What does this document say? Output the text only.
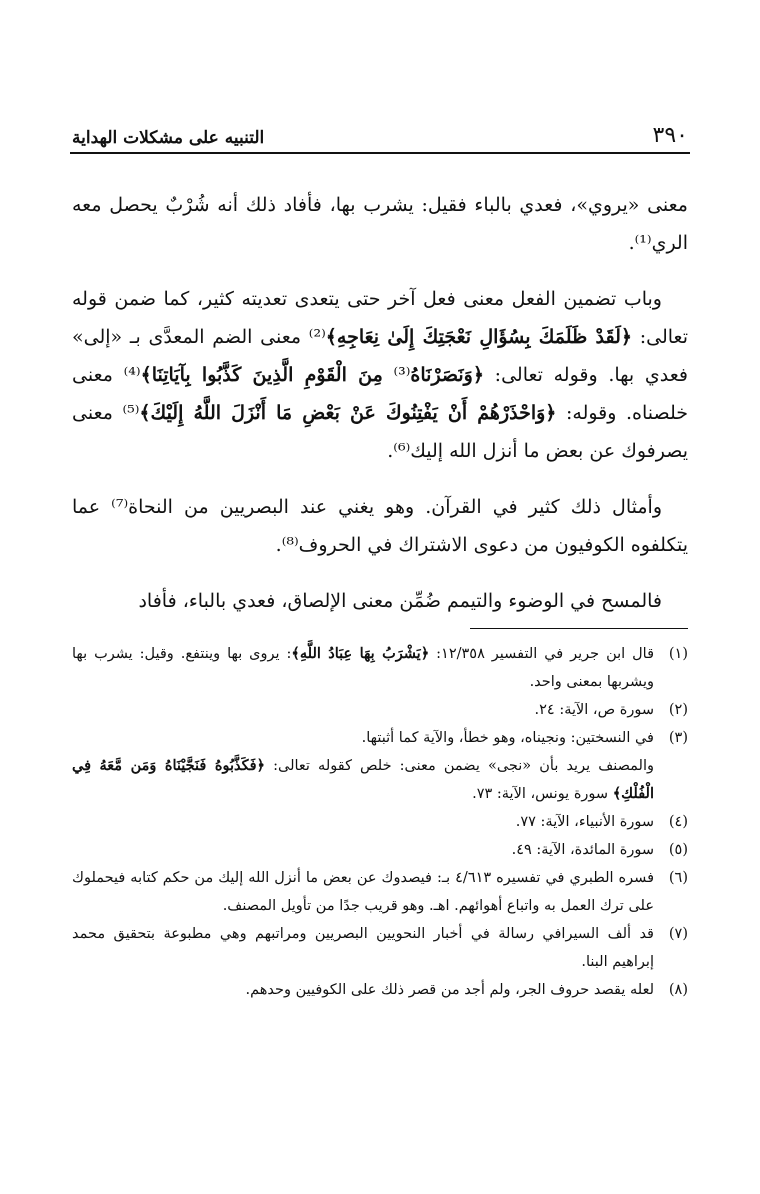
٣٩٠
التنبيه على مشكلات الهداية

معنى «يروي»، فعدي بالباء فقيل: يشرب بها، فأفاد ذلك أنه شُرْبٌ يحصل معه الري⁽¹⁾.

وباب تضمين الفعل معنى فعل آخر حتى يتعدى تعديته كثير، كما ضمن قوله تعالى: ﴿لَقَدْ ظَلَمَكَ بِسُؤَالِ نَعْجَتِكَ إِلَىٰ نِعَاجِهِ﴾⁽²⁾ معنى الضم المعدَّى بـ «إلى» فعدي بها. وقوله تعالى: ﴿وَنَصَرْنَاهُ⁽³⁾ مِنَ الْقَوْمِ الَّذِينَ كَذَّبُوا بِآيَاتِنَا﴾⁽⁴⁾ معنى خلصناه. وقوله: ﴿وَاحْذَرْهُمْ أَنْ يَفْتِنُوكَ عَنْ بَعْضِ مَا أَنْزَلَ اللَّهُ إِلَيْكَ﴾⁽⁵⁾ معنى يصرفوك عن بعض ما أنزل الله إليك⁽⁶⁾.

وأمثال ذلك كثير في القرآن. وهو يغني عند البصريين من النحاة⁽⁷⁾ عما يتكلفوه الكوفيون من دعوى الاشتراك في الحروف⁽⁸⁾.

فالمسح في الوضوء والتيمم ضُمِّن معنى الإلصاق، فعدي بالباء، فأفاد

(١)
قال ابن جرير في التفسير ١٢/٣٥٨: ﴿يَشْرَبُ بِهَا عِبَادُ اللَّهِ﴾: يروى بها وينتفع. وقيل: يشرب بها ويشربها بمعنى واحد.

(٢)
سورة ص، الآية: ٢٤.

(٣)
في النسختين: ونجيناه، وهو خطأ، والآية كما أثبتها.

والمصنف يريد بأن «نجى» يضمن معنى: خلص كقوله تعالى: ﴿فَكَذَّبُوهُ فَنَجَّيْنَاهُ وَمَن مَّعَهُ فِي الْفُلْكِ﴾ سورة يونس، الآية: ٧٣.

(٤)
سورة الأنبياء، الآية: ٧٧.

(٥)
سورة المائدة، الآية: ٤٩.

(٦)
فسره الطبري في تفسيره ٤/٦١٣ بـ: فيصدوك عن بعض ما أنزل الله إليك من حكم كتابه فيحملوك على ترك العمل به واتباع أهوائهم. اهـ. وهو قريب جدًا من تأويل المصنف.

(٧)
قد ألف السيرافي رسالة في أخبار النحويين البصريين ومراتبهم وهي مطبوعة بتحقيق محمد إبراهيم البنا.

(٨)
لعله يقصد حروف الجر، ولم أجد من قصر ذلك على الكوفيين وحدهم.
